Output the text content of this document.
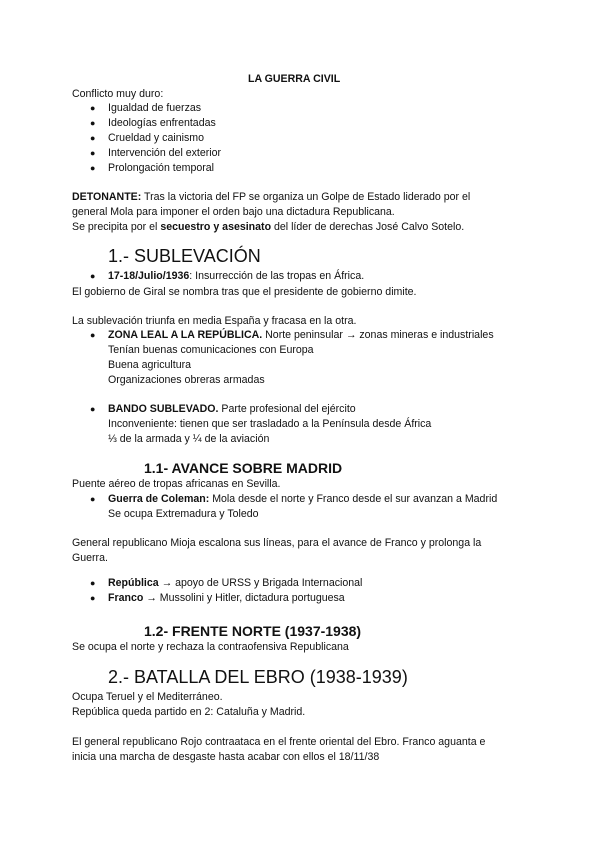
LA GUERRA CIVIL
Conflicto muy duro:
● Igualdad de fuerzas
● Ideologías enfrentadas
● Crueldad y cainismo
● Intervención del exterior
● Prolongación temporal
DETONANTE: Tras la victoria del FP se organiza un Golpe de Estado liderado por el
general Mola para imponer el orden bajo una dictadura Republicana.
Se precipita por el secuestro y asesinato del líder de derechas José Calvo Sotelo.
1.- SUBLEVACIÓN
● 17-18/Julio/1936: Insurrección de las tropas en África.
El gobierno de Giral se nombra tras que el presidente de gobierno dimite.
La sublevación triunfa en media España y fracasa en la otra.
● ZONA LEAL A LA REPÚBLICA. Norte peninsular → zonas mineras e industriales
Tenían buenas comunicaciones con Europa
Buena agricultura
Organizaciones obreras armadas
● BANDO SUBLEVADO. Parte profesional del ejército
Inconveniente: tienen que ser trasladado a la Península desde África
⅓ de la armada y ¼ de la aviación
1.1- AVANCE SOBRE MADRID
Puente aéreo de tropas africanas en Sevilla.
● Guerra de Coleman: Mola desde el norte y Franco desde el sur avanzan a Madrid
Se ocupa Extremadura y Toledo
General republicano Mioja escalona sus líneas, para el avance de Franco y prolonga la
Guerra.
● República → apoyo de URSS y Brigada Internacional
● Franco → Mussolini y Hitler, dictadura portuguesa
1.2- FRENTE NORTE (1937-1938)
Se ocupa el norte y rechaza la contraofensiva Republicana
2.- BATALLA DEL EBRO (1938-1939)
Ocupa Teruel y el Mediterráneo.
República queda partido en 2: Cataluña y Madrid.
El general republicano Rojo contraataca en el frente oriental del Ebro. Franco aguanta e
inicia una marcha de desgaste hasta acabar con ellos el 18/11/38
